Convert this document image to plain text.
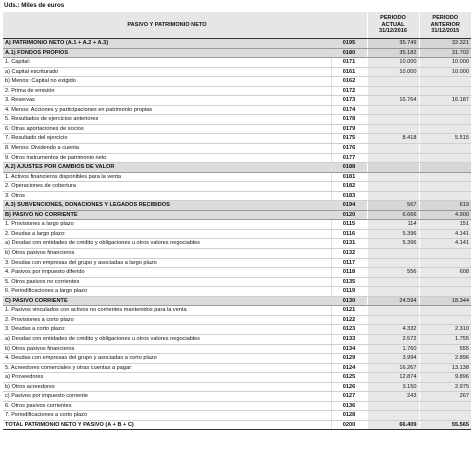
Uds.: Miles de euros
PASIVO Y PATRIMONIO NETO		PERIODO
ACTUAL
31/12/2016	PERIODO
ANTERIOR
31/12/2015
A) PATRIMONIO NETO (A.1 + A.2 + A.3)	0195	35.749	32.321
A.1) FONDOS PROPIOS	0180	35.182	31.702
1. Capital:	0171	10.000	10.000
a) Capital escriturado	0161	10.000	10.000
b) Menos: Capital no exigido	0162		
2. Prima de emisión	0172		
3. Reservas	0173	16.764	16.187
4. Menos: Acciones y participaciones en patrimonio propias	0174		
5. Resultados de ejercicios anteriores	0178		
6. Otras aportaciones de socios	0179		
7. Resultado del ejercicio	0175	8.418	5.515
8. Menos: Dividendo a cuenta	0176		
9. Otros instrumentos de patrimonio neto	0177		
A.2) AJUSTES POR CAMBIOS DE VALOR	0188		
1. Activos financieros disponibles para la venta	0181		
2. Operaciones de cobertura	0182		
3. Otros	0183		
A.3) SUBVENCIONES, DONACIONES Y LEGADOS RECIBIDOS	0194	567	619
B) PASIVO NO CORRIENTE	0120	6.666	4.900
1. Provisiones a largo plazo	0115	114	151
2. Deudas a largo plazo:	0116	5.396	4.141
a) Deudas con entidades de crédito y obligaciones u otros valores negociables	0131	5.396	4.141
b) Otros pasivos financieros	0132		
3. Deudas con empresas del grupo y asociadas a largo plazo	0117		
4. Pasivos por impuesto diferido	0118	556	608
5. Otros pasivos no corrientes	0135		
6. Periodificaciones a largo plazo	0119		
C) PASIVO CORRIENTE	0130	24.594	18.344
1. Pasivos vinculados con activos no corrientes mantenidos para la venta	0121		
2. Provisiones a corto plazo	0122		
3. Deudas a corto plazo:	0123	4.332	2.310
a) Deudas con entidades de crédito y obligaciones u otros valores negociables	0133	2.572	1.755
b) Otros pasivos financieros	0134	1.760	555
4. Deudas con empresas del grupo y asociadas a corto plazo	0129	3.994	2.896
5. Acreedores comerciales y otras cuentas a pagar:	0124	16.267	13.138
a) Proveedores	0125	12.874	9.896
b) Otros acreedores	0126	3.150	2.975
c) Pasivos por impuesto corriente	0127	243	267
6. Otros pasivos corrientes	0136		
7. Periodificaciones a corto plazo	0128		
TOTAL PATRIMONIO NETO Y PASIVO (A + B + C)	0200	66.409	55.565
